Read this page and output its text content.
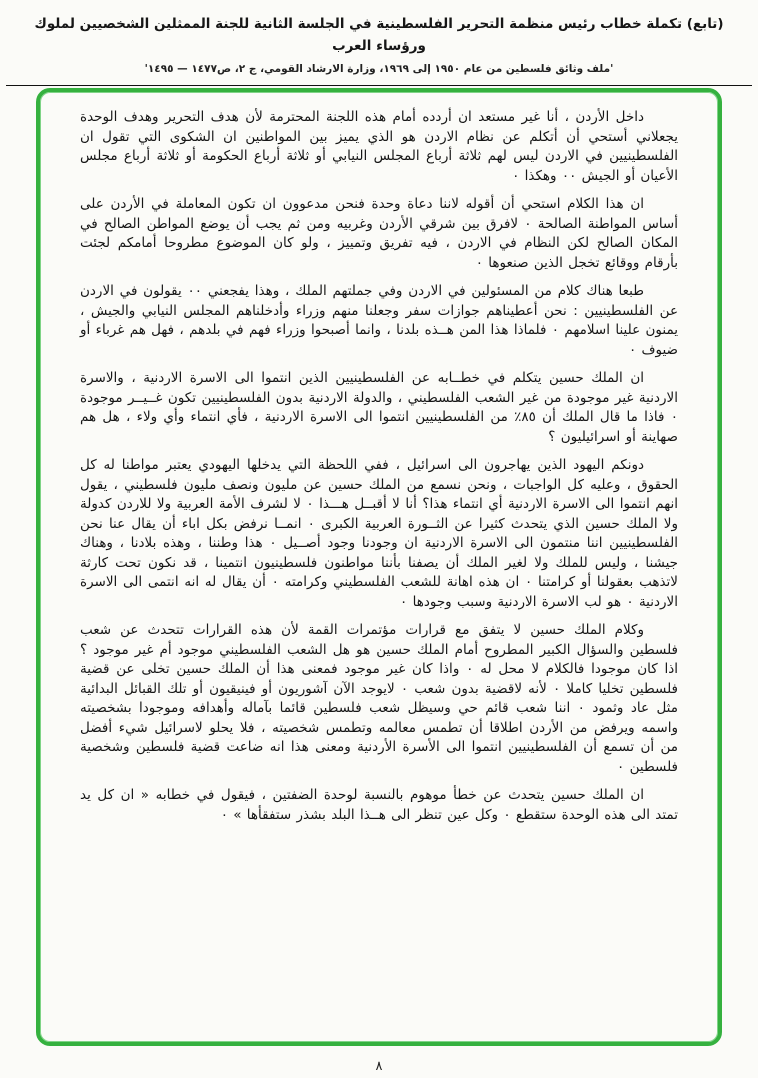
(تابع) تكملة خطاب رئيس منظمة التحرير الفلسطينية في الجلسة الثانية للجنة الممثلين الشخصيين لملوك ورؤساء العرب
'ملف وثائق فلسطين من عام ١٩٥٠ إلى ١٩٦٩، وزارة الارشاد القومي، ج ٢، ص١٤٧٧ — ١٤٩٥'

داخل الأردن ، أنا غير مستعد ان أردده أمام هذه اللجنة المحترمة لأن هدف التحرير وهدف الوحدة يجعلاني أستحي أن أتكلم عن نظام الاردن هو الذي يميز بين المواطنين ان الشكوى التي تقول ان الفلسطينيين في الاردن ليس لهم ثلاثة أرباع المجلس النيابي أو ثلاثة أرباع الحكومة أو ثلاثة أرباع مجلس الأعيان أو الجيش ٠٠ وهكذا ٠

ان هذا الكلام استحي أن أقوله لاننا دعاة وحدة فنحن مدعوون ان تكون المعاملة في الأردن على أساس المواطنة الصالحة ٠ لافرق بين شرقي الأردن وغربيه ومن ثم يجب أن يوضع المواطن الصالح في المكان الصالح لكن النظام في الاردن ، فيه تفريق وتمييز ، ولو كان الموضوع مطروحا أمامكم لجئت بأرقام ووقائع تخجل الذين صنعوها ٠

طبعا هناك كلام من المسئولين في الاردن وفي جملتهم الملك ، وهذا يفجعني ٠٠ يقولون في الاردن عن الفلسطينيين : نحن أعطيناهم جوازات سفر وجعلنا منهم وزراء وأدخلناهم المجلس النيابي والجيش ، يمنون علينا اسلامهم ٠ فلماذا هذا المن هــذه بلدنا ، وانما أصبحوا وزراء فهم في بلدهم ، فهل هم غرباء أو ضيوف ٠

ان الملك حسين يتكلم في خطــابه عن الفلسطينيين الذين انتموا الى الاسرة الاردنية ، والاسرة الاردنية غير موجودة من غير الشعب الفلسطيني ، والدولة الاردنية بدون الفلسطينيين تكون غــيــر موجودة ٠ فاذا ما قال الملك أن ٨٥٪ من الفلسطينيين انتموا الى الاسرة الاردنية ، فأي انتماء وأي ولاء ، هل هم صهاينة أو اسرائيليون ؟

دونكم اليهود الذين يهاجرون الى اسرائيل ، ففي اللحظة التي يدخلها اليهودي يعتبر مواطنا له كل الحقوق ، وعليه كل الواجبات ، ونحن نسمع من الملك حسين عن مليون ونصف مليون فلسطيني ، يقول انهم انتموا الى الاسرة الاردنية أي انتماء هذا؟ أنا لا أقبــل هـــذا ٠ لا لشرف الأمة العربية ولا للاردن كدولة ولا الملك حسين الذي يتحدث كثيرا عن الثــورة العربية الكبرى ٠ انمــا نرفض بكل اباء أن يقال عنا نحن الفلسطينيين اننا منتمون الى الاسرة الاردنية ان وجودنا وجود أصــيل ٠ هذا وطننا ، وهذه بلادنا ، وهناك جيشنا ، وليس للملك ولا لغير الملك أن يصفنا بأننا مواطنون فلسطينيون انتمينا ، قد نكون تحت كارثة لاتذهب بعقولنا أو كرامتنا ٠ ان هذه اهانة للشعب الفلسطيني وكرامته ٠ أن يقال له انه انتمى الى الاسرة الاردنية ٠ هو لب الاسرة الاردنية وسبب وجودها ٠

وكلام الملك حسين لا يتفق مع قرارات مؤتمرات القمة لأن هذه القرارات تتحدث عن شعب فلسطين والسؤال الكبير المطروح أمام الملك حسين هو هل الشعب الفلسطيني موجود أم غير موجود ؟ اذا كان موجودا فالكلام لا محل له ٠ واذا كان غير موجود فمعنى هذا أن الملك حسين تخلى عن قضية فلسطين تخليا كاملا ٠ لأنه لاقضية بدون شعب ٠ لايوجد الآن آشوريون أو فينيقيون أو تلك القبائل البدائية مثل عاد وثمود ٠ اننا شعب قائم حي وسيظل شعب فلسطين قائما بآماله وأهدافه وموجودا بشخصيته واسمه ويرفض من الأردن اطلاقا أن تطمس معالمه وتطمس شخصيته ، فلا يحلو لاسرائيل شيء أفضل من أن تسمع أن الفلسطينيين انتموا الى الأسرة الأردنية ومعنى هذا انه ضاعت قضية فلسطين وشخصية فلسطين ٠

ان الملك حسين يتحدث عن خطأ موهوم بالنسبة لوحدة الضفتين ، فيقول في خطابه « ان كل يد تمتد الى هذه الوحدة ستقطع ٠ وكل عين تنظر الى هــذا البلد بشذر ستفقأها » ٠

٨
